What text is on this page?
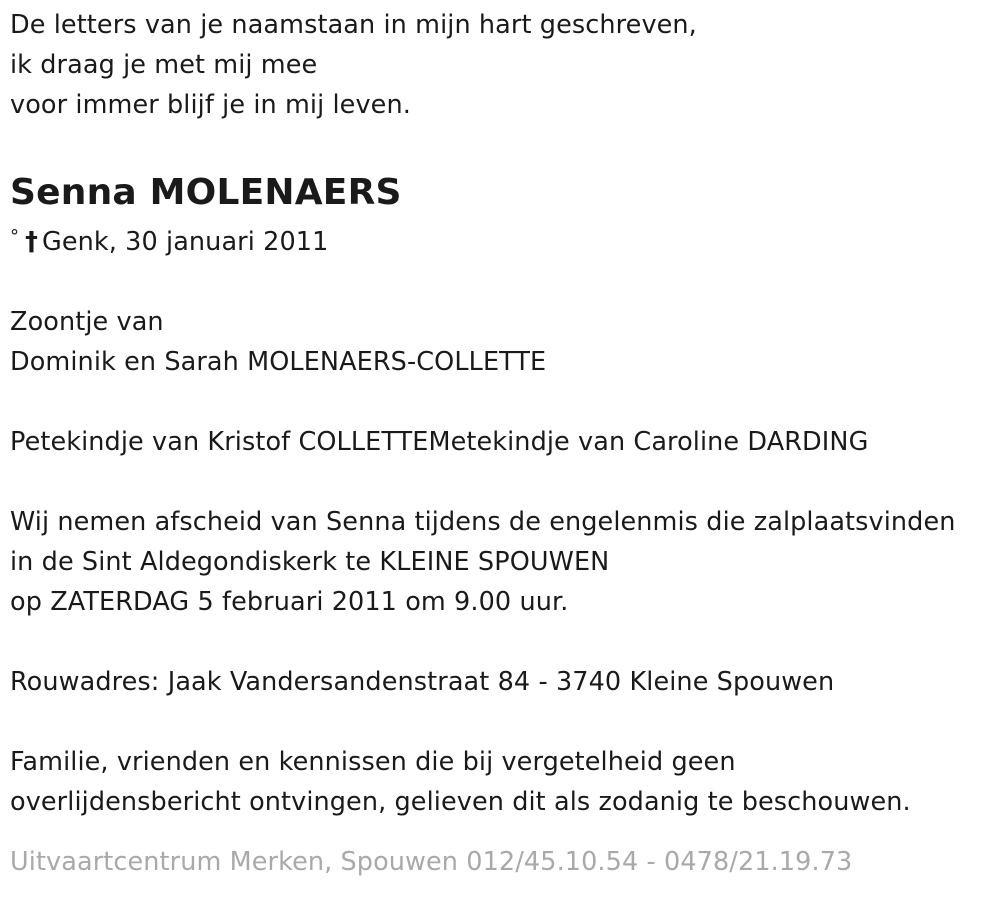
De letters van je naamstaan in mijn hart geschreven,
ik draag je met mij mee
voor immer blijf je in mij leven.
Senna MOLENAERS
° † Genk, 30 januari 2011
Zoontje van
Dominik en Sarah MOLENAERS-COLLETTE
Petekindje van Kristof COLLETTEMetekindje van Caroline DARDING
Wij nemen afscheid van Senna tijdens de engelenmis die zalplaatsvinden
in de Sint Aldegondiskerk te KLEINE SPOUWEN
op ZATERDAG 5 februari 2011 om 9.00 uur.
Rouwadres: Jaak Vandersandenstraat 84 - 3740 Kleine Spouwen
Familie, vrienden en kennissen die bij vergetelheid geen
overlijdensbericht ontvingen, gelieven dit als zodanig te beschouwen.
Uitvaartcentrum Merken, Spouwen 012/45.10.54 - 0478/21.19.73
